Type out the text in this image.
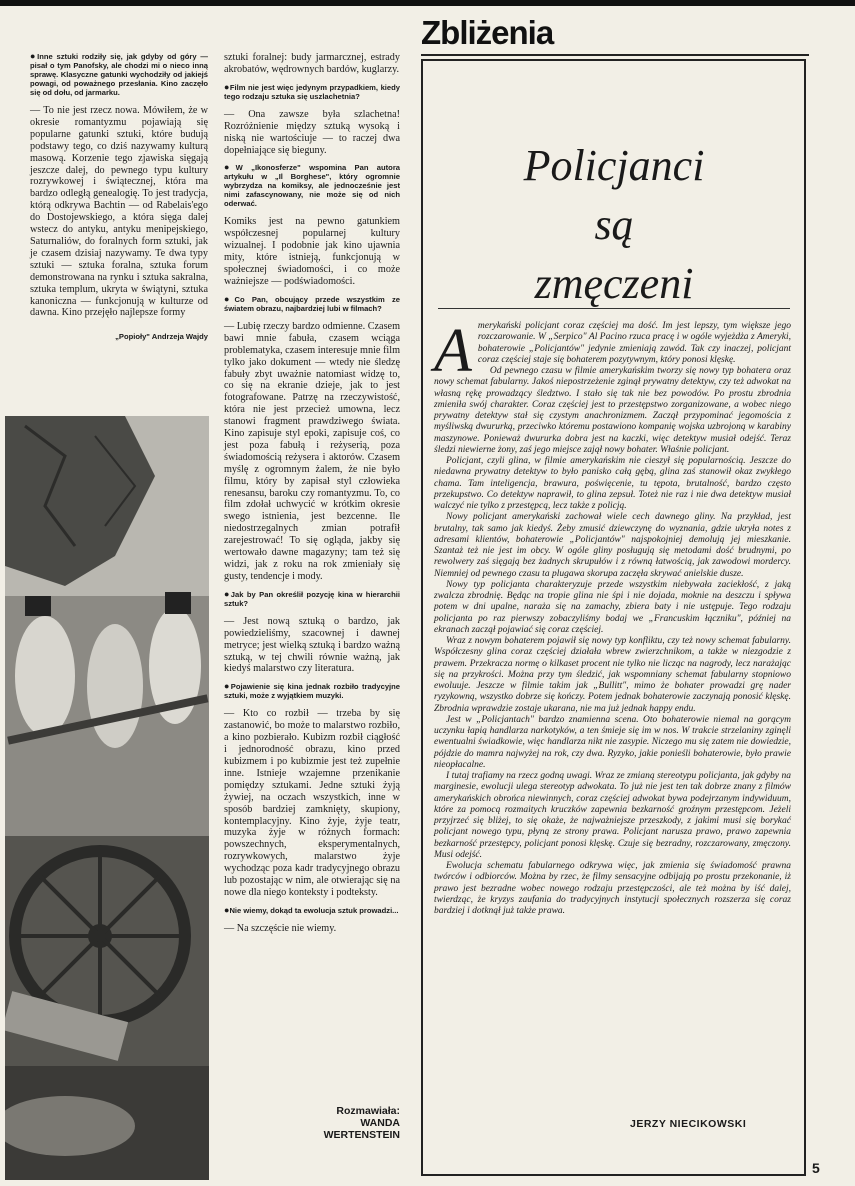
● Inne sztuki rodziły się, jak gdyby od góry — pisał o tym Panofsky, ale chodzi mi o nieco inną sprawę. Klasyczne gatunki wychodziły od jakiejś powagi, od poważnego przesłania. Kino zaczęło się od dołu, od jarmarku.

— To nie jest rzecz nowa. Mówiłem, że w okresie romantyzmu pojawiają się popularne gatunki sztuki, które budują podstawy tego, co dziś nazywamy kulturą masową. Korzenie tego zjawiska sięgają jeszcze dalej, do pewnego typu kultury rozrywkowej i świątecznej, która ma bardzo odległą genealogię. To jest tradycja, którą odkrywa Bachtin — od Rabelais'ego do Dostojewskiego, a która sięga dalej wstecz do antyku, antyku menipejskiego, Saturnaliów, do foralnych form sztuki, jak je czasem dzisiaj nazywamy. Te dwa typy sztuki — sztuka foralna, sztuka forum demonstrowana na rynku i sztuka sakralna, sztuka templum, ukryta w świątyni, sztuka kanoniczna — funkcjonują w kulturze od dawna. Kino przejęło najlepsze formy

„Popioły" Andrzeja Wajdy

sztuki foralnej: budy jarmarcznej, estrady akrobatów, wędrownych bardów, kuglarzy.

● Film nie jest więc jedynym przypadkiem, kiedy tego rodzaju sztuka się uszlachetnia?

— Ona zawsze była szlachetna! Rozróżnienie między sztuką wysoką i niską nie wartościuje — to raczej dwa dopełniające się bieguny.

● W „Ikonosferze" wspomina Pan autora artykułu w „Il Borghese", który ogromnie wybrzydza na komiksy, ale jednocześnie jest nimi zafascynowany, nie może się od nich oderwać.

Komiks jest na pewno gatunkiem współczesnej popularnej kultury wizualnej. I podobnie jak kino ujawnia mity, które istnieją, funkcjonują w społecznej świadomości, i co może ważniejsze — podświadomości.

● Co Pan, obcujący przede wszystkim ze światem obrazu, najbardziej lubi w filmach?

— Lubię rzeczy bardzo odmienne. Czasem bawi mnie fabuła, czasem wciąga problematyka, czasem interesuje mnie film tylko jako dokument — wtedy nie śledzę fabuły zbyt uważnie natomiast widzę to, co się na ekranie dzieje, jak to jest fotografowane. Patrzę na rzeczywistość, która nie jest przecież umowna, lecz stanowi fragment prawdziwego świata. Kino zapisuje styl epoki, zapisuje coś, co jest poza fabułą i reżyserią, poza świadomością reżysera i aktorów. Czasem myślę z ogromnym żalem, że nie było filmu, który by zapisał styl człowieka renesansu, baroku czy romantyzmu. To, co film zdołał uchwycić w krótkim okresie swego istnienia, jest bezcenne. Ile niedostrzegalnych zmian potrafił zarejestrować! To się ogląda, jakby się wertowało dawne magazyny; tam też się widzi, jak z roku na rok zmieniały się gusty, tendencje i mody.

● Jak by Pan określił pozycję kina w hierarchii sztuk?

— Jest nową sztuką o bardzo, jak powiedzieliśmy, szacownej i dawnej metryce; jest wielką sztuką i bardzo ważną sztuką, w tej chwili równie ważną, jak kiedyś malarstwo czy literatura.

● Pojawienie się kina jednak rozbiło tradycyjne sztuki, może z wyjątkiem muzyki.

— Kto co rozbił — trzeba by się zastanowić, bo może to malarstwo rozbiło, a kino pozbierało. Kubizm rozbił ciągłość i jednorodność obrazu, kino przed kubizmem i po kubizmie jest też zupełnie inne. Istnieje wzajemne przenikanie pomiędzy sztukami. Jedne sztuki żyją żywiej, na oczach wszystkich, inne w sposób bardziej zamknięty, skupiony, kontemplacyjny. Kino żyje, żyje teatr, muzyka żyje w różnych formach: powszechnych, eksperymentalnych, rozrywkowych, malarstwo żyje wychodząc poza kadr tradycyjnego obrazu lub pozostając w nim, ale otwierając się na nowe dla niego konteksty i podteksty.

● Nie wiemy, dokąd ta ewolucja sztuk prowadzi...

— Na szczęście nie wiemy.

Rozmawiała:
WANDA
WERTENSTEIN
Zbliżenia
Policjanci
są
zmęczeni

Amerykański policjant coraz częściej ma dość. Im jest lepszy, tym większe jego rozczarowanie. W „Serpico" Al Pacino rzuca pracę i w ogóle wyjeżdża z Ameryki, bohaterowie „Policjantów" jedynie zmieniają zawód. Tak czy inaczej, policjant coraz częściej staje się bohaterem pozytywnym, który ponosi klęskę.

Od pewnego czasu w filmie amerykańskim tworzy się nowy typ bohatera oraz nowy schemat fabularny. Jakoś niepostrzeżenie zginął prywatny detektyw, czy też adwokat na własną rękę prowadzący śledztwo. I stało się tak nie bez powodów. Po prostu zbrodnia zmieniła swój charakter. Coraz częściej jest to przestępstwo zorganizowane, a wobec niego prywatny detektyw stał się czystym anachronizmem. Zaczął przypominać jegomościa z myśliwską dwururką, przeciwko któremu postawiono kompanię wojska uzbrojoną w karabiny maszynowe. Ponieważ dwururka dobra jest na kaczki, więc detektyw musiał odejść. Teraz śledzi niewierne żony, zaś jego miejsce zajął nowy bohater. Właśnie policjant.

Policjant, czyli glina, w filmie amerykańskim nie cieszył się popularnością. Jeszcze do niedawna prywatny detektyw to było panisko całą gębą, glina zaś stanowił okaz zwykłego chama. Tam inteligencja, brawura, poświęcenie, tu tępota, brutalność, bardzo często przekupstwo. Co detektyw naprawił, to glina zepsuł. Toteż nie raz i nie dwa detektyw musiał walczyć nie tylko z przestępcą, lecz także z policją.

Nowy policjant amerykański zachował wiele cech dawnego gliny. Na przykład, jest brutalny, tak samo jak kiedyś. Żeby zmusić dziewczynę do wyznania, gdzie ukryła notes z adresami klientów, bohaterowie „Policjantów" najspokojniej demolują jej mieszkanie. Szantaż też nie jest im obcy. W ogóle gliny posługują się metodami dość brudnymi, po rewolwery zaś sięgają bez żadnych skrupułów i z równą łatwością, jak zawodowi mordercy. Niemniej od pewnego czasu ta plugawa skorupa zaczęła skrywać anielskie dusze.

Nowy typ policjanta charakteryzuje przede wszystkim niebywała zaciekłość, z jaką zwalcza zbrodnię. Będąc na tropie glina nie śpi i nie dojada, moknie na deszczu i spływa potem w dni upalne, naraża się na zamachy, zbiera baty i nie ustępuje. Tego rodzaju policjanta po raz pierwszy zobaczyliśmy bodaj we „Francuskim łączniku", później na ekranach zaczął pojawiać się coraz częściej.

Wraz z nowym bohaterem pojawił się nowy typ konfliktu, czy też nowy schemat fabularny. Współczesny glina coraz częściej działała wbrew zwierzchnikom, a także w niezgodzie z prawem. Przekracza normę o kilkaset procent nie tylko nie licząc na nagrody, lecz narażając się na przykrości. Można przy tym śledzić, jak wspomniany schemat fabularny stopniowo ewoluuje. Jeszcze w filmie takim jak „Bullitt", mimo że bohater prowadzi grę nader ryzykowną, wszystko dobrze się kończy. Potem jednak bohaterowie zaczynają ponosić klęskę. Zbrodnia wprawdzie zostaje ukarana, nie ma już jednak happy endu.

Jest w „Policjantach" bardzo znamienna scena. Oto bohaterowie niemal na gorącym uczynku łapią handlarza narkotyków, a ten śmieje się im w nos. W trakcie strzelaniny zginęli ewentualni świadkowie, więc handlarza nikt nie zasypie. Niczego mu się zatem nie dowiedzie, pójdzie do mamra najwyżej na rok, czy dwa. Ryzyko, jakie ponieśli bohaterowie, było prawie nieopłacalne.

I tutaj trafiamy na rzecz godną uwagi. Wraz ze zmianą stereotypu policjanta, jak gdyby na marginesie, ewolucji ulega stereotyp adwokata. To już nie jest ten tak dobrze znany z filmów amerykańskich obrońca niewinnych, coraz częściej adwokat bywa podejrzanym indywiduum, które za pomocą rozmaitych kruczków zapewnia bezkarność groźnym przestępcom. Jeżeli przyjrzeć się bliżej, to się okaże, że najważniejsze przeszkody, z jakimi musi się borykać policjant nowego typu, płyną ze strony prawa. Policjant narusza prawo, prawo zapewnia bezkarność przestępcy, policjant ponosi klęskę. Czuje się bezradny, rozczarowany, zmęczony. Musi odejść.

Ewolucja schematu fabularnego odkrywa więc, jak zmienia się świadomość prawna twórców i odbiorców. Można by rzec, że filmy sensacyjne odbijają po prostu przekonanie, iż prawo jest bezradne wobec nowego rodzaju przestępczości, ale też można by iść dalej, twierdząc, że kryzys zaufania do tradycyjnych instytucji społecznych rozszerza się coraz bardziej i dotknął już także prawa.

JERZY NIECIKOWSKI
5
